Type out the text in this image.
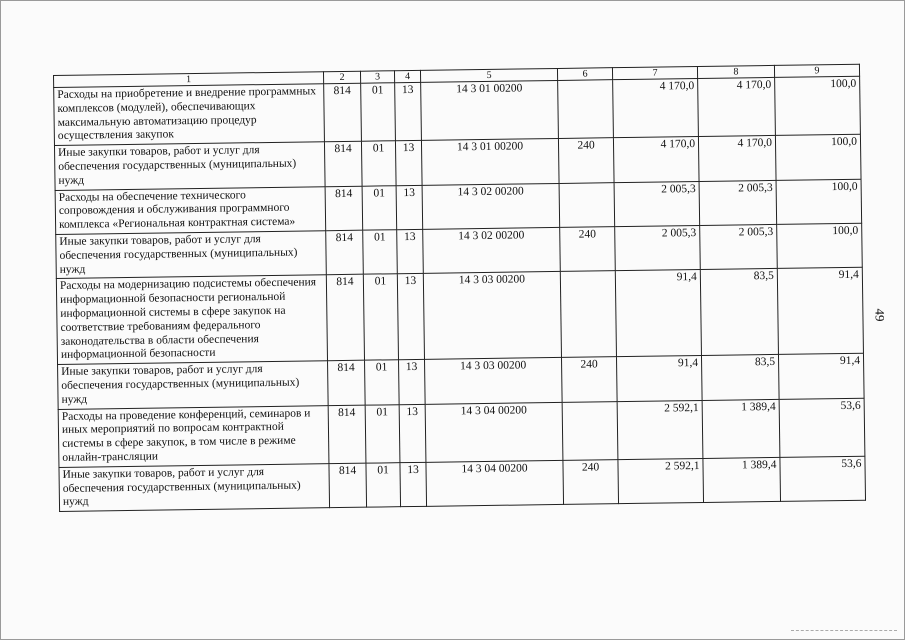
1	2	3	4	5	6	7	8	9
Расходы на приобретение и внедрение программных комплексов (модулей), обеспечивающих максимальную автоматизацию процедур осуществления закупок	814	01	13	14 3 01 00200		4 170,0	4 170,0	100,0
Иные закупки товаров, работ и услуг для обеспечения государственных (муниципальных) нужд	814	01	13	14 3 01 00200	240	4 170,0	4 170,0	100,0
Расходы на обеспечение технического сопровождения и обслуживания программного комплекса «Региональная контрактная система»	814	01	13	14 3 02 00200		2 005,3	2 005,3	100,0
Иные закупки товаров, работ и услуг для обеспечения государственных (муниципальных) нужд	814	01	13	14 3 02 00200	240	2 005,3	2 005,3	100,0
Расходы на модернизацию подсистемы обеспечения информационной безопасности региональной информационной системы в сфере закупок на соответствие требованиям федерального законодательства в области обеспечения информационной безопасности	814	01	13	14 3 03 00200		91,4	83,5	91,4
Иные закупки товаров, работ и услуг для обеспечения государственных (муниципальных) нужд	814	01	13	14 3 03 00200	240	91,4	83,5	91,4
Расходы на проведение конференций, семинаров и иных мероприятий по вопросам контрактной системы в сфере закупок, в том числе в режиме онлайн-трансляции	814	01	13	14 3 04 00200		2 592,1	1 389,4	53,6
Иные закупки товаров, работ и услуг для обеспечения государственных (муниципальных) нужд	814	01	13	14 3 04 00200	240	2 592,1	1 389,4	53,6
49
